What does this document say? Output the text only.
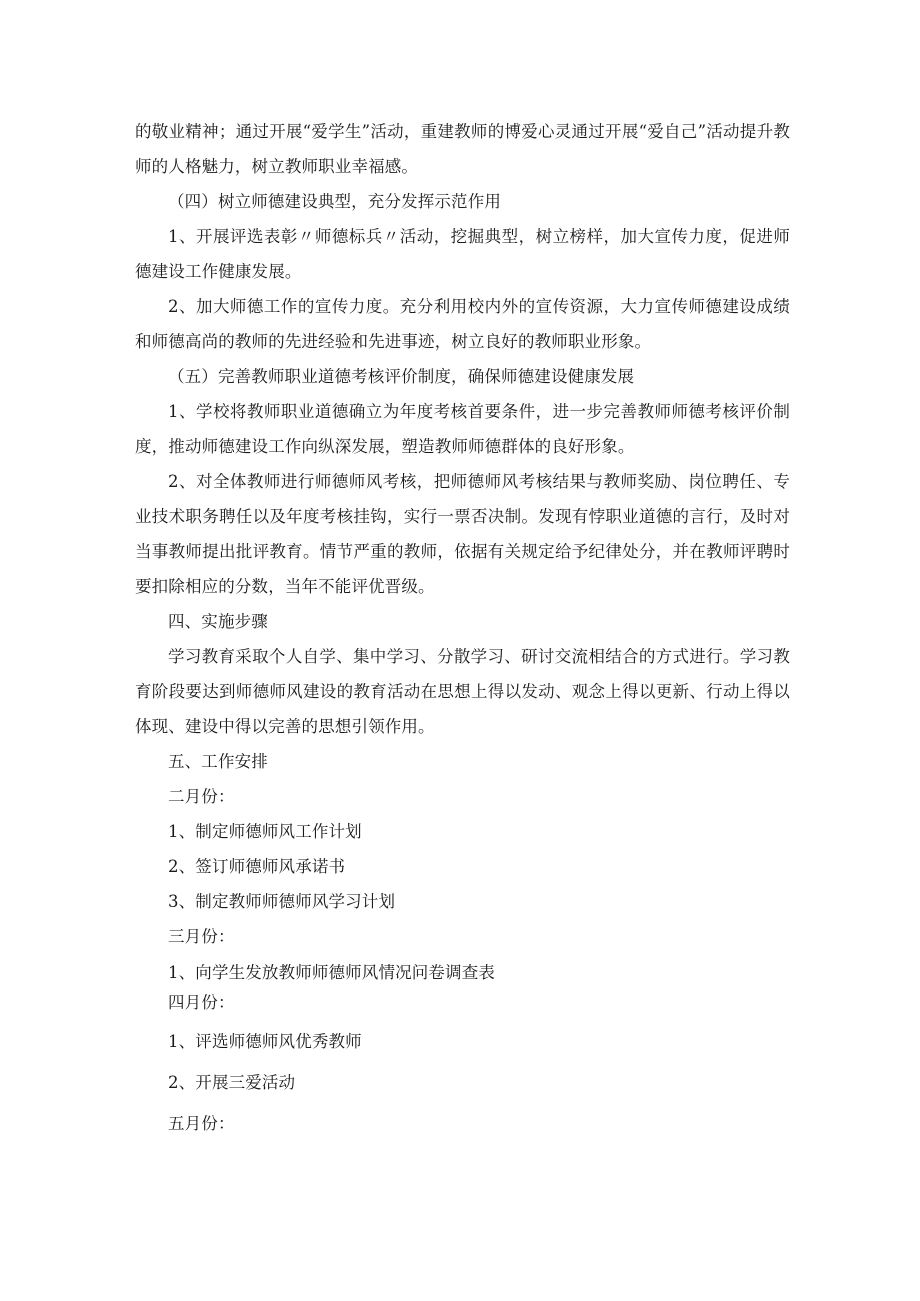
的敬业精神；通过开展“爱学生”活动，重建教师的博爱心灵通过开展“爱自己”活动提升教师的人格魅力，树立教师职业幸福感。

（四）树立师德建设典型，充分发挥示范作用

1、开展评选表彰〃师德标兵〃活动，挖掘典型，树立榜样，加大宣传力度，促进师德建设工作健康发展。

2、加大师德工作的宣传力度。充分利用校内外的宣传资源，大力宣传师德建设成绩和师德高尚的教师的先进经验和先进事迹，树立良好的教师职业形象。

（五）完善教师职业道德考核评价制度，确保师德建设健康发展

1、学校将教师职业道德确立为年度考核首要条件，进一步完善教师师德考核评价制度，推动师德建设工作向纵深发展，塑造教师师德群体的良好形象。

2、对全体教师进行师德师风考核，把师德师风考核结果与教师奖励、岗位聘任、专业技术职务聘任以及年度考核挂钩，实行一票否决制。发现有悖职业道德的言行，及时对当事教师提出批评教育。情节严重的教师，依据有关规定给予纪律处分，并在教师评聘时要扣除相应的分数，当年不能评优晋级。

四、实施步骤

学习教育采取个人自学、集中学习、分散学习、研讨交流相结合的方式进行。学习教育阶段要达到师德师风建设的教育活动在思想上得以发动、观念上得以更新、行动上得以体现、建设中得以完善的思想引领作用。

五、工作安排

二月份：

1、制定师德师风工作计划

2、签订师德师风承诺书

3、制定教师师德师风学习计划

三月份：

1、向学生发放教师师德师风情况问卷调查表

四月份：

1、评选师德师风优秀教师

2、开展三爱活动

五月份：
